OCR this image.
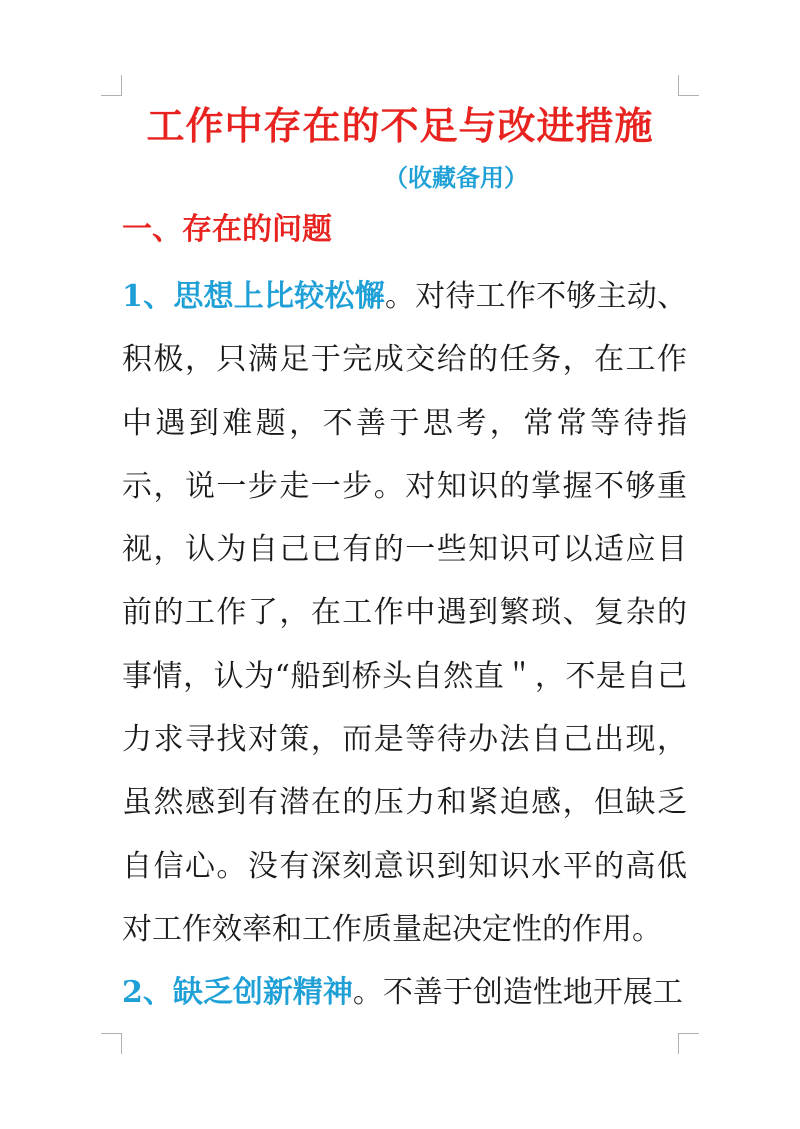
工作中存在的不足与改进措施
（收藏备用）
一、存在的问题

1、思想上比较松懈。对待工作不够主动、积极，只满足于完成交给的任务，在工作中遇到难题，不善于思考，常常等待指示，说一步走一步。对知识的掌握不够重视，认为自己已有的一些知识可以适应目前的工作了，在工作中遇到繁琐、复杂的事情，认为“船到桥头自然直＂，不是自己力求寻找对策，而是等待办法自己出现，虽然感到有潜在的压力和紧迫感，但缺乏自信心。没有深刻意识到知识水平的高低对工作效率和工作质量起决定性的作用。

2、缺乏创新精神。不善于创造性地开展工
